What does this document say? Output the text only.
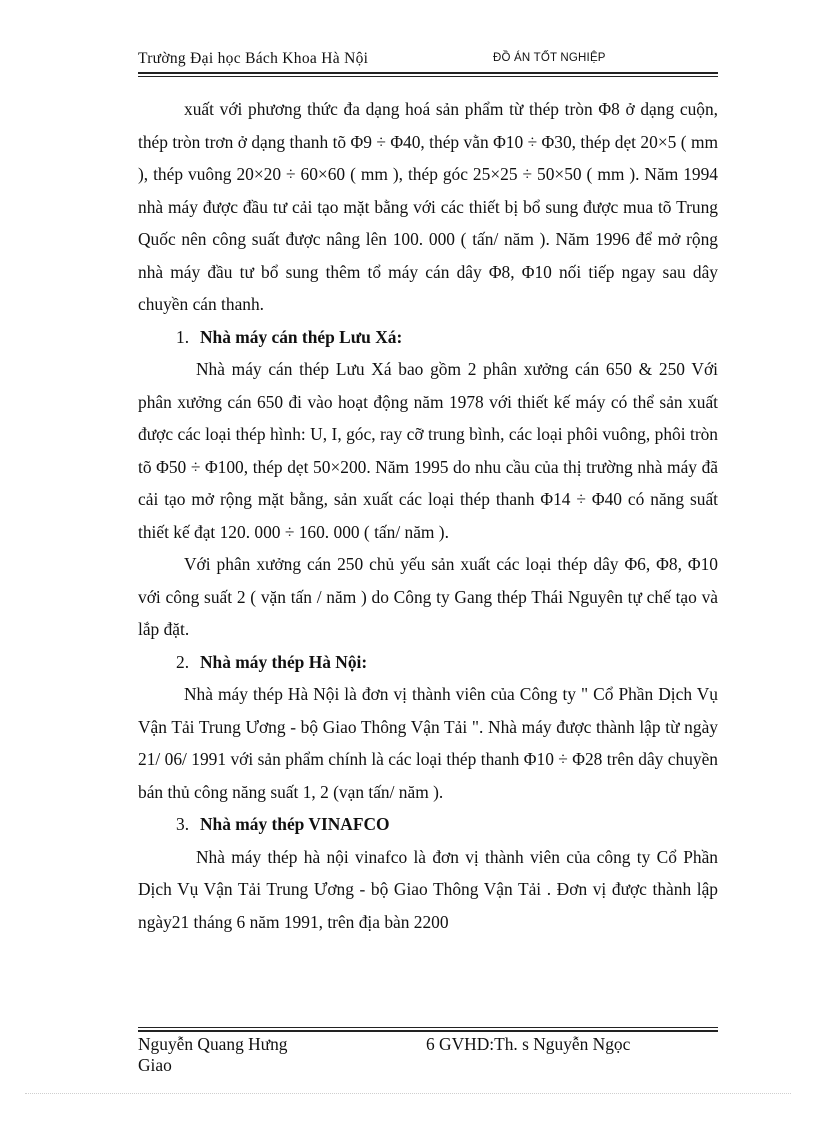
Trường Đại học Bách Khoa Hà Nội	ĐỒ ÁN TỐT NGHIỆP

xuất với phương thức đa dạng hoá sản phẩm từ thép tròn Φ8 ở dạng cuộn, thép tròn trơn ở dạng thanh tõ Φ9 ÷ Φ40, thép vằn Φ10 ÷ Φ30, thép dẹt 20×5 ( mm ), thép vuông 20×20 ÷ 60×60 ( mm ), thép góc 25×25 ÷ 50×50 ( mm ). Năm 1994 nhà máy được đầu tư cải tạo mặt bằng với các thiết bị bổ sung được mua tõ Trung Quốc nên công suất được nâng lên 100. 000 ( tấn/ năm ). Năm 1996 để mở rộng nhà máy đầu tư bổ sung thêm tổ máy cán dây Φ8, Φ10 nối tiếp ngay sau dây chuyền cán thanh.

1. Nhà máy cán thép Lưu Xá:

Nhà máy cán thép Lưu Xá bao gồm 2 phân xưởng cán 650 & 250 Với phân xưởng cán 650 đi vào hoạt động năm 1978 với thiết kế máy có thể sản xuất được các loại thép hình: U, I, góc, ray cỡ trung bình, các loại phôi vuông, phôi tròn tõ Φ50 ÷ Φ100, thép dẹt 50×200. Năm 1995 do nhu cầu của thị trường nhà máy đã cải tạo mở rộng mặt bằng, sản xuất các loại thép thanh Φ14 ÷ Φ40 có năng suất thiết kế đạt 120. 000 ÷ 160. 000 ( tấn/ năm ).

Với phân xưởng cán 250 chủ yếu sản xuất các loại thép dây Φ6, Φ8, Φ10 với công suất 2 ( vặn tấn / năm ) do Công ty Gang thép Thái Nguyên tự chế tạo và lắp đặt.

2. Nhà máy thép Hà Nội:

Nhà máy thép Hà Nội là đơn vị thành viên của Công ty " Cổ Phần Dịch Vụ Vận Tải Trung Ương - bộ Giao Thông Vận Tải ". Nhà máy được thành lập từ ngày 21/ 06/ 1991 với sản phẩm chính là các loại thép thanh Φ10 ÷ Φ28 trên dây chuyền bán thủ công năng suất 1, 2 (vạn tấn/ năm ).

3. Nhà máy thép VINAFCO

Nhà máy thép hà nội vinafco là đơn vị thành viên của công ty Cổ Phần Dịch Vụ Vận Tải Trung Ương - bộ Giao Thông Vận Tải . Đơn vị được thành lập ngày21 tháng 6 năm 1991, trên địa bàn 2200

Nguyễn Quang Hưng
Giao
6 GVHD:Th. s Nguyễn Ngọc
